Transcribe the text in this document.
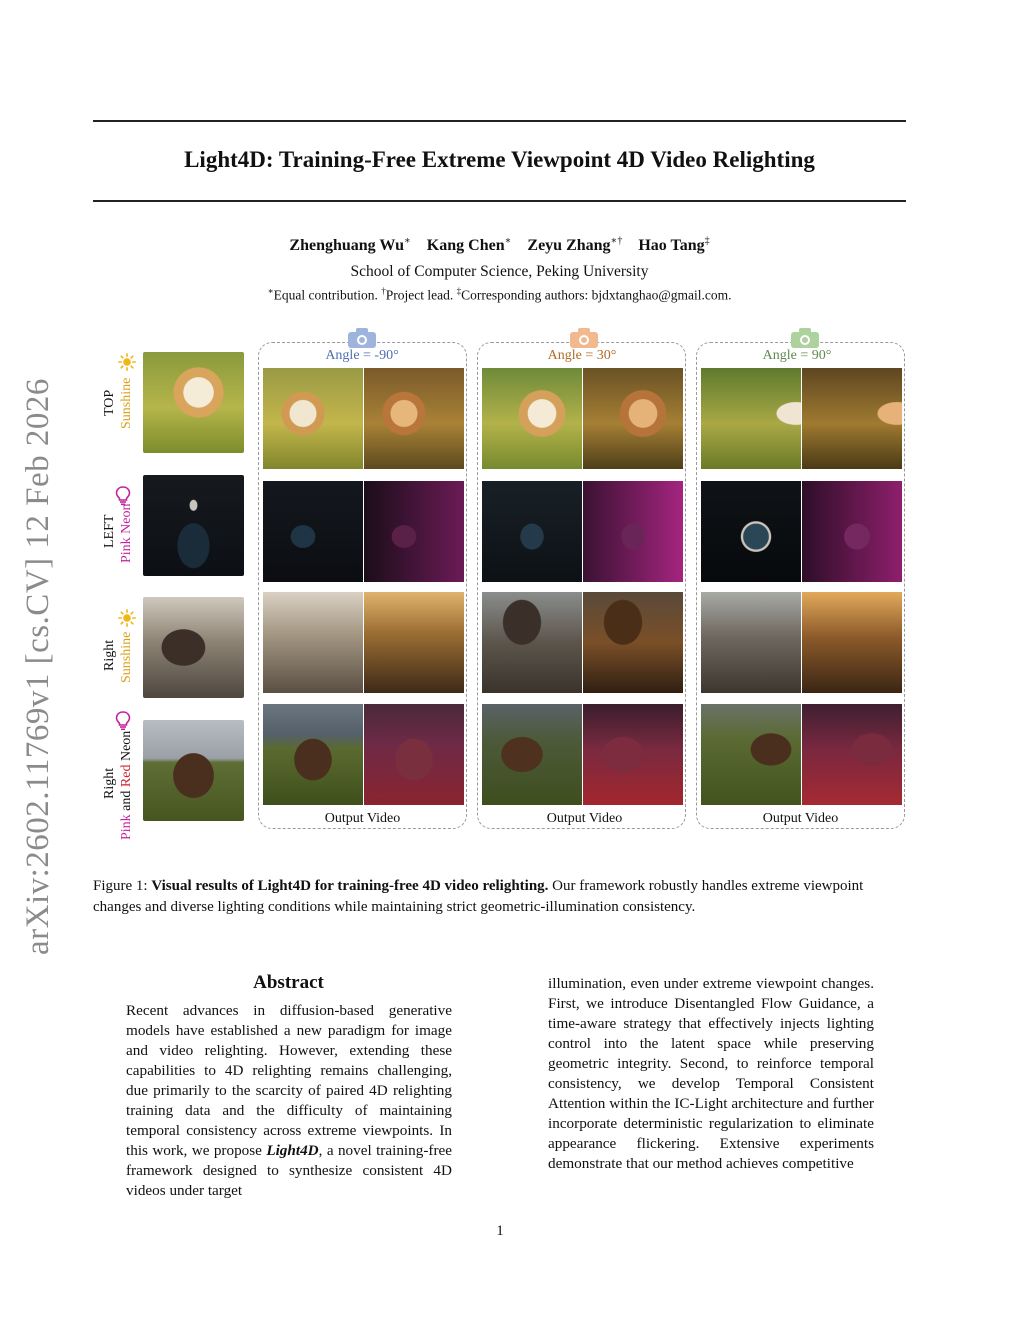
Light4D: Training-Free Extreme Viewpoint 4D Video Relighting
Zhenghuang Wu∗ Kang Chen∗ Zeyu Zhang∗† Hao Tang‡
School of Computer Science, Peking University
∗Equal contribution. †Project lead. ‡Corresponding authors: bjdxtanghao@gmail.com.
arXiv:2602.11769v1 [cs.CV] 12 Feb 2026	TOP Sunshine
LEFT Pink Neon
Right Sunshine
Right
Pink and Red Neon
Angle = -90°	Angle = 30°	Angle = 90°
Output Video	Output Video	Output Video
Figure 1: Visual results of Light4D for training-free 4D video relighting. Our framework robustly handles extreme viewpoint changes and diverse lighting conditions while maintaining strict geometric-illumination consistency.
Abstract
Recent advances in diffusion-based generative models have established a new paradigm for image and video relighting. However, extending these capabilities to 4D relighting remains challenging, due primarily to the scarcity of paired 4D relighting training data and the difficulty of maintaining temporal consistency across extreme viewpoints. In this work, we propose Light4D, a novel training-free framework designed to synthesize consistent 4D videos under target
illumination, even under extreme viewpoint changes. First, we introduce Disentangled Flow Guidance, a time-aware strategy that effectively injects lighting control into the latent space while preserving geometric integrity. Second, to reinforce temporal consistency, we develop Temporal Consistent Attention within the IC-Light architecture and further incorporate deterministic regularization to eliminate appearance flickering. Extensive experiments demonstrate that our method achieves competitive
1
